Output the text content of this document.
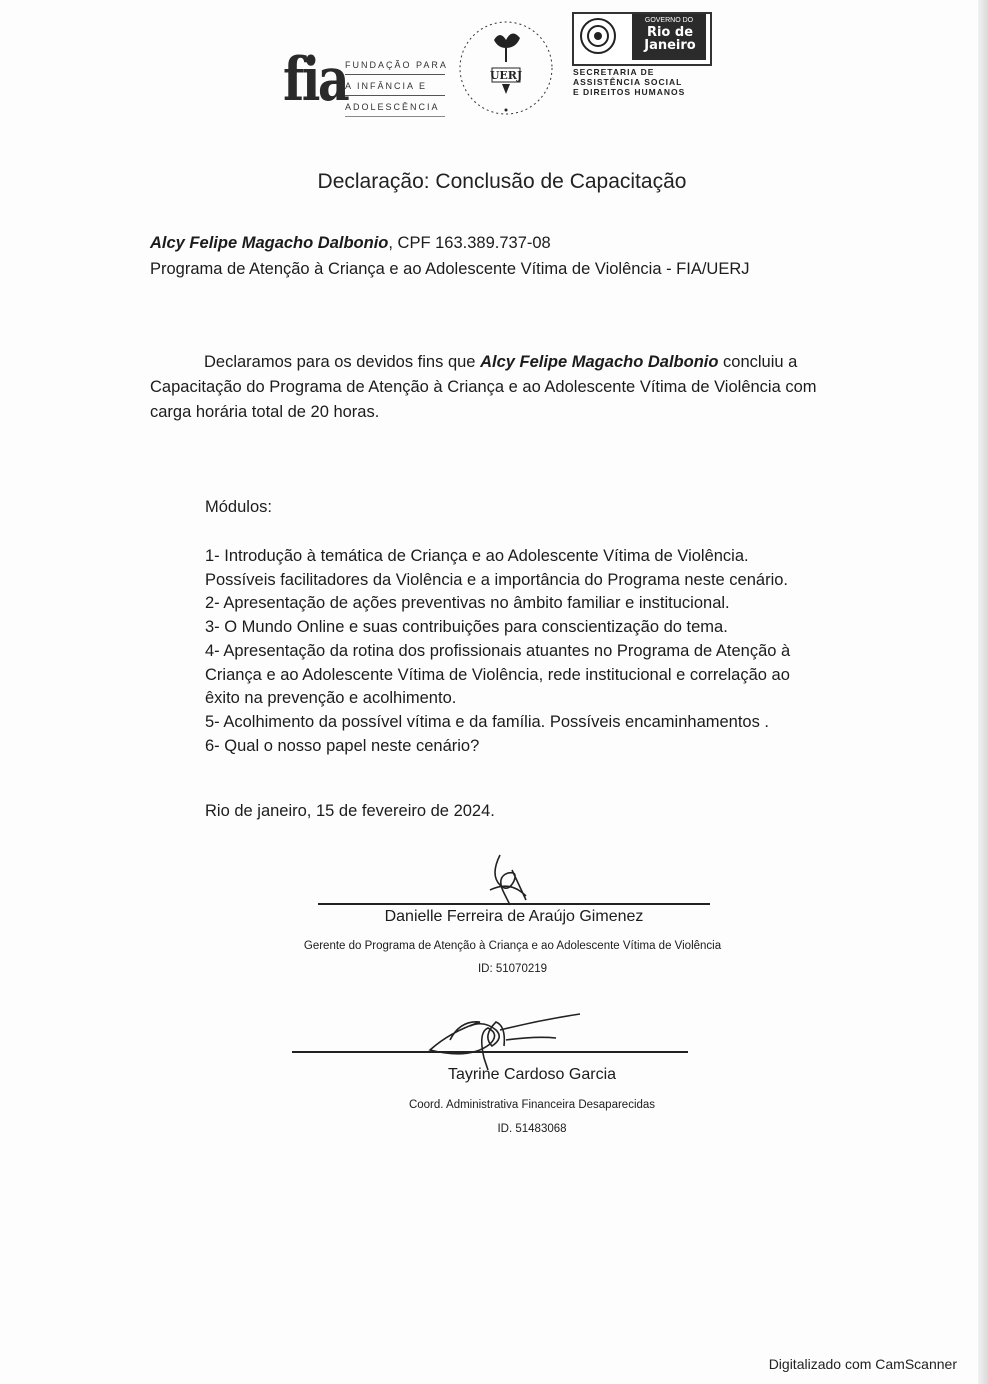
fia
FUNDAÇÃO PARA
A INFÂNCIA E
ADOLESCÊNCIA
UERJ
GOVERNO DO
Rio de
Janeiro
SECRETARIA DE
ASSISTÊNCIA SOCIAL
E DIREITOS HUMANOS
Declaração: Conclusão de Capacitação
Alcy Felipe Magacho Dalbonio, CPF 163.389.737-08
Programa de Atenção à Criança e ao Adolescente Vítima de Violência - FIA/UERJ
Declaramos para os devidos fins que Alcy Felipe Magacho Dalbonio concluiu a Capacitação do Programa de Atenção à Criança e ao Adolescente Vítima de Violência com carga horária total de 20 horas.
Módulos:
1- Introdução à temática de Criança e ao Adolescente Vítima de Violência.
Possíveis facilitadores da Violência e a importância do Programa neste cenário.
2- Apresentação de ações preventivas no âmbito familiar e institucional.
3- O Mundo Online e suas contribuições para conscientização do tema.
4- Apresentação da rotina dos profissionais atuantes no Programa de Atenção à
Criança e ao Adolescente Vítima de Violência, rede institucional e correlação ao
êxito na prevenção e acolhimento.
5- Acolhimento da possível vítima e da família. Possíveis encaminhamentos .
6- Qual o nosso papel neste cenário?
Rio de janeiro, 15 de fevereiro de 2024.
Danielle Ferreira de Araújo Gimenez
Gerente do Programa de Atenção à Criança e ao Adolescente Vítima de Violência
ID: 51070219
Tayrine Cardoso Garcia
Coord. Administrativa Financeira Desaparecidas
ID. 51483068
Digitalizado com CamScanner
